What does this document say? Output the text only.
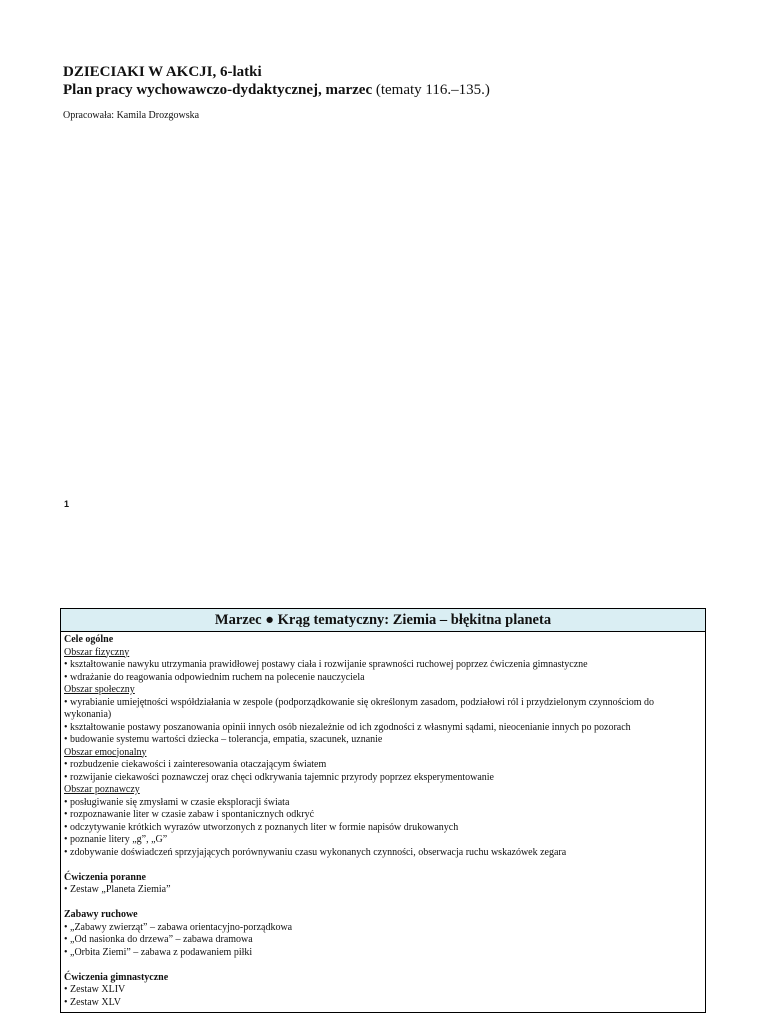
DZIECIAKI W AKCJI, 6-latki

Plan pracy wychowawczo-dydaktycznej, marzec (tematy 116.–135.)

Opracowała: Kamila Drozgowska
1
Marzec ● Krąg tematyczny: Ziemia – błękitna planeta

Cele ogólne

Obszar fizyczny

• kształtowanie nawyku utrzymania prawidłowej postawy ciała i rozwijanie sprawności ruchowej poprzez ćwiczenia gimnastyczne

• wdrażanie do reagowania odpowiednim ruchem na polecenie nauczyciela

Obszar społeczny

• wyrabianie umiejętności współdziałania w zespole (podporządkowanie się określonym zasadom, podziałowi ról i przydzielonym czynnościom do wykonania)

• kształtowanie postawy poszanowania opinii innych osób niezależnie od ich zgodności z własnymi sądami, nieocenianie innych po pozorach

• budowanie systemu wartości dziecka – tolerancja, empatia, szacunek, uznanie

Obszar emocjonalny

• rozbudzenie ciekawości i zainteresowania otaczającym światem

• rozwijanie ciekawości poznawczej oraz chęci odkrywania tajemnic przyrody poprzez eksperymentowanie

Obszar poznawczy

• posługiwanie się zmysłami w czasie eksploracji świata

• rozpoznawanie liter w czasie zabaw i spontanicznych odkryć

• odczytywanie krótkich wyrazów utworzonych z poznanych liter w formie napisów drukowanych

• poznanie litery „g”, „G”

• zdobywanie doświadczeń sprzyjających porównywaniu czasu wykonanych czynności, obserwacja ruchu wskazówek zegara

Ćwiczenia poranne

• Zestaw „Planeta Ziemia”

Zabawy ruchowe

• „Zabawy zwierząt” – zabawa orientacyjno-porządkowa

• „Od nasionka do drzewa” – zabawa dramowa

• „Orbita Ziemi” – zabawa z podawaniem piłki

Ćwiczenia gimnastyczne

• Zestaw XLIV

• Zestaw XLV
